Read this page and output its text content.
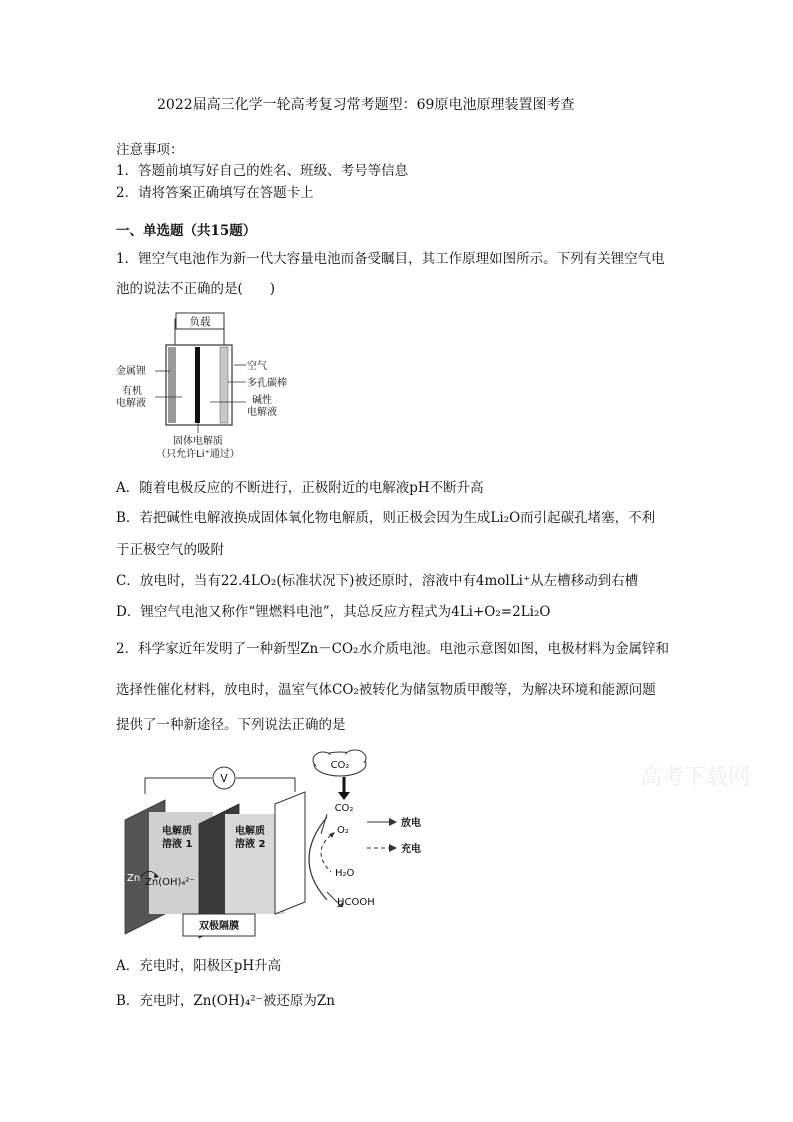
2022届高三化学一轮高考复习常考题型：69原电池原理装置图考查
注意事项：
1．答题前填写好自己的姓名、班级、考号等信息
2．请将答案正确填写在答题卡上
一、单选题（共15题）
1．锂空气电池作为新一代大容量电池而备受瞩目，其工作原理如图所示。下列有关锂空气电
池的说法不正确的是(　　)
负载
金属锂
有机
电解液
空气
多孔碳棒
碱性
电解液
固体电解质
（只允许Li⁺通过）
A．随着电极反应的不断进行，正极附近的电解液pH不断升高
B．若把碱性电解液换成固体氧化物电解质，则正极会因为生成Li₂O而引起碳孔堵塞，不利
于正极空气的吸附
C．放电时，当有22.4LO₂(标准状况下)被还原时，溶液中有4molLi⁺从左槽移动到右槽
D．锂空气电池又称作“锂燃料电池”，其总反应方程式为4Li+O₂=2Li₂O
2．科学家近年发明了一种新型Zn－CO₂水介质电池。电池示意图如图，电极材料为金属锌和
选择性催化材料，放电时，温室气体CO₂被转化为储氢物质甲酸等，为解决环境和能源问题
提供了一种新途径。下列说法正确的是
V
CO₂
CO₂
O₂
H₂O
HCOOH
放电
充电
电解质
溶液 1
电解质
溶液 2
Zn Zn(OH)₄²⁻
双极隔膜
高考下载网
A．充电时，阳极区pH升高
B．充电时，Zn(OH)₄²⁻被还原为Zn
